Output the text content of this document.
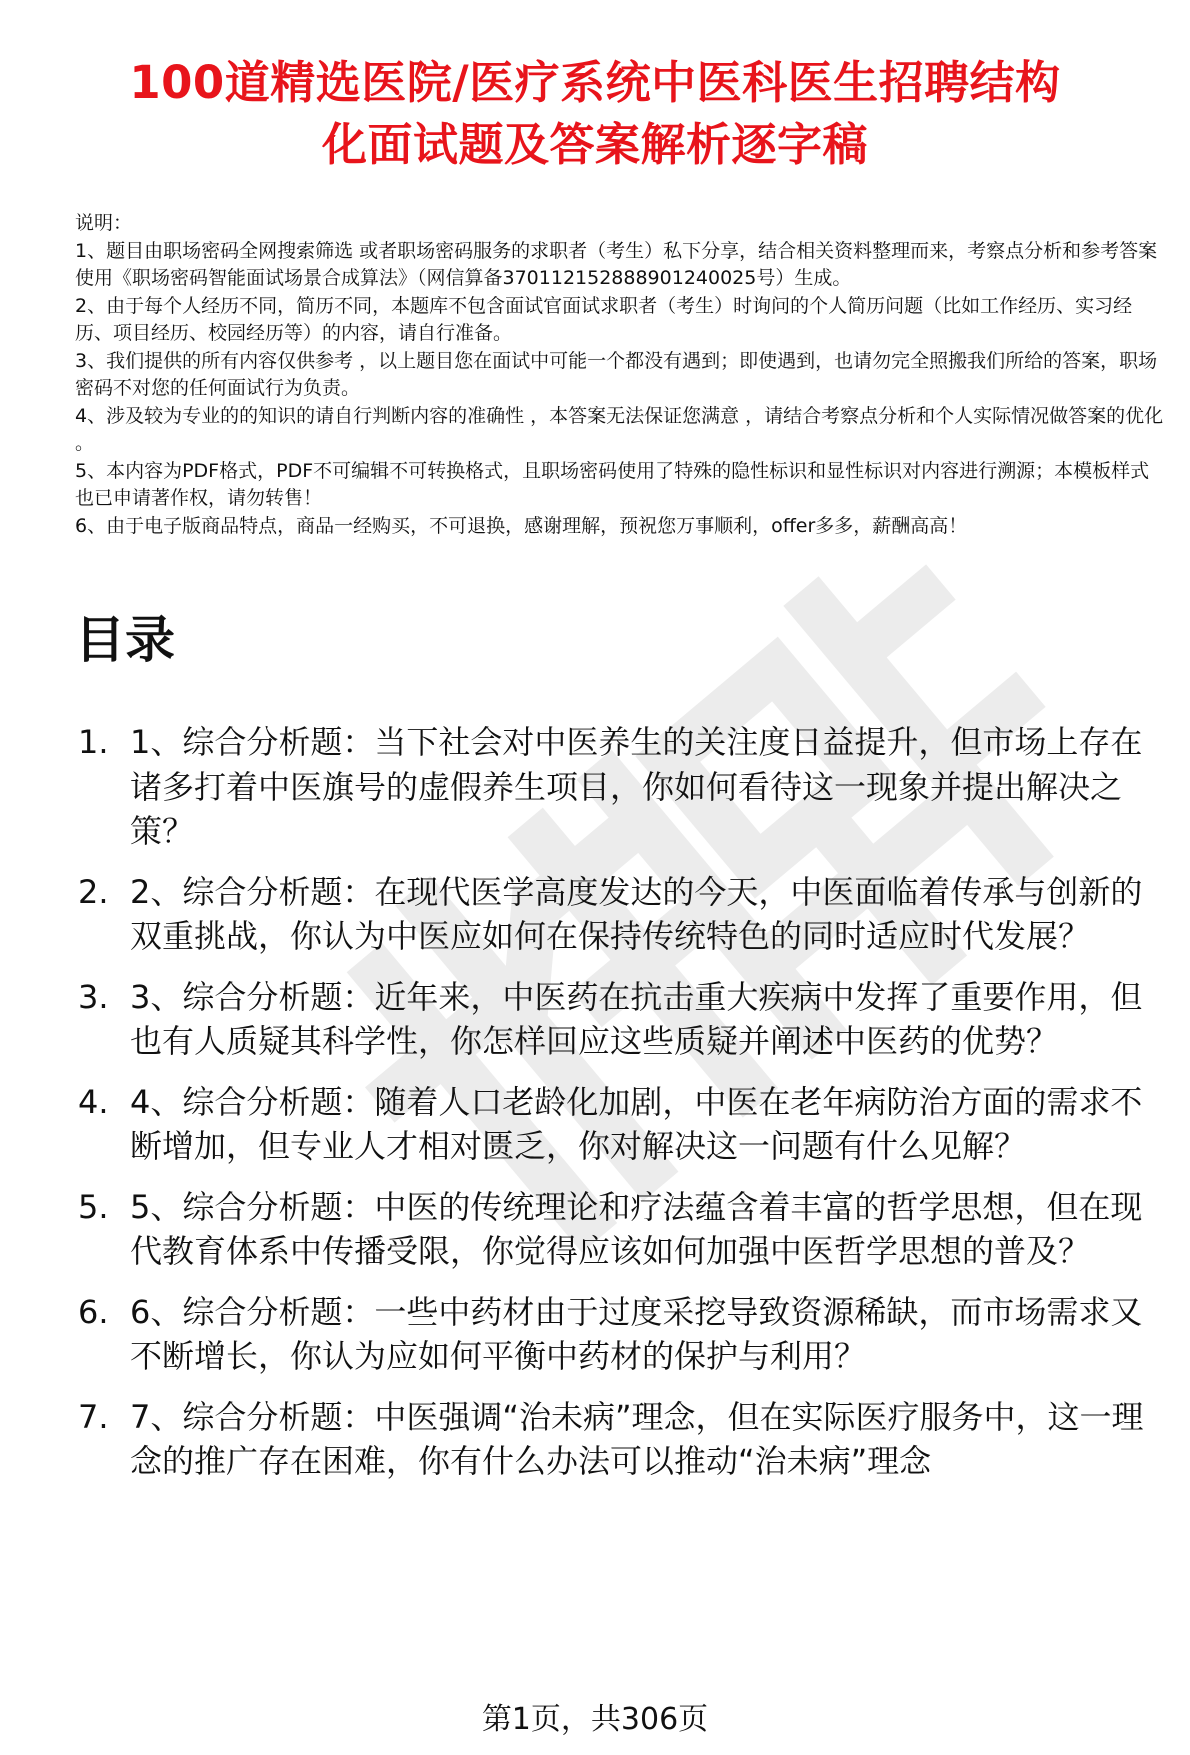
100道精选医院/医疗系统中医科医生招聘结构
化面试题及答案解析逐字稿

说明：

1、题目由职场密码全网搜索筛选 或者职场密码服务的求职者（考生）私下分享，结合相关资料整理而来，考察点分析和参考答案使用《职场密码智能面试场景合成算法》（网信算备370112152888901240025号）生成。

2、由于每个人经历不同，简历不同，本题库不包含面试官面试求职者（考生）时询问的个人简历问题（比如工作经历、实习经历、项目经历、校园经历等）的内容，请自行准备。

3、我们提供的所有内容仅供参考 ，以上题目您在面试中可能一个都没有遇到；即使遇到，也请勿完全照搬我们所给的答案，职场密码不对您的任何面试行为负责。

4、涉及较为专业的的知识的请自行判断内容的准确性 ，本答案无法保证您满意 ，请结合考察点分析和个人实际情况做答案的优化 。

5、本内容为PDF格式，PDF不可编辑不可转换格式，且职场密码使用了特殊的隐性标识和显性标识对内容进行溯源；本模板样式也已申请著作权，请勿转售！

6、由于电子版商品特点，商品一经购买，不可退换，感谢理解，预祝您万事顺利，offer多多，薪酬高高！

目录
1. 1、综合分析题：当下社会对中医养生的关注度日益提升，但市场上存在诸多打着中医旗号的虚假养生项目，你如何看待这一现象并提出解决之策？
2. 2、综合分析题：在现代医学高度发达的今天，中医面临着传承与创新的双重挑战，你认为中医应如何在保持传统特色的同时适应时代发展？
3. 3、综合分析题：近年来，中医药在抗击重大疾病中发挥了重要作用，但也有人质疑其科学性，你怎样回应这些质疑并阐述中医药的优势？
4. 4、综合分析题：随着人口老龄化加剧，中医在老年病防治方面的需求不断增加，但专业人才相对匮乏，你对解决这一问题有什么见解？
5. 5、综合分析题：中医的传统理论和疗法蕴含着丰富的哲学思想，但在现代教育体系中传播受限，你觉得应该如何加强中医哲学思想的普及？
6. 6、综合分析题：一些中药材由于过度采挖导致资源稀缺，而市场需求又不断增长，你认为应如何平衡中药材的保护与利用？
7. 7、综合分析题：中医强调“治未病”理念，但在实际医疗服务中，这一理念的推广存在困难，你有什么办法可以推动“治未病”理念
第1页，共306页
